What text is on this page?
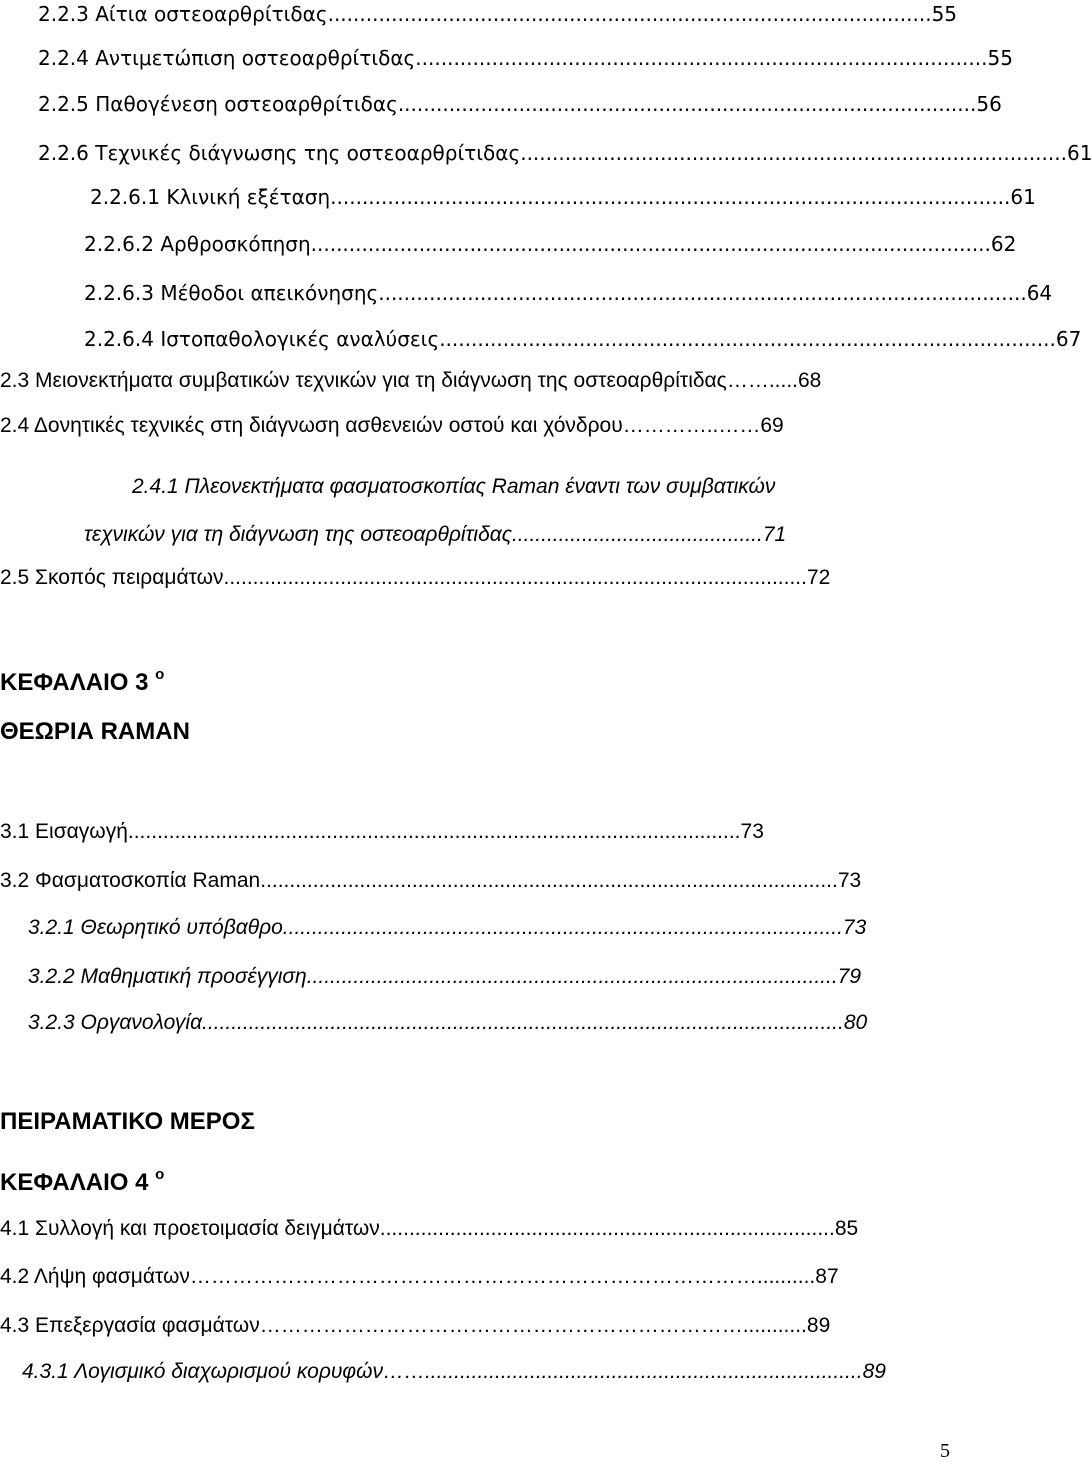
2.2.3 Αίτια οστεοαρθρίτιδας...............................................................................................55
2.2.4 Αντιμετώπιση οστεοαρθρίτιδας..........................................................................................55
2.2.5 Παθογένεση οστεοαρθρίτιδας...........................................................................................56
2.2.6 Τεχνικές διάγνωσης της οστεοαρθρίτιδας......................................................................................61
2.2.6.1 Κλινική εξέταση...........................................................................................................61
2.2.6.2 Αρθροσκόπηση...........................................................................................................62
2.2.6.3 Μέθοδοι απεικόνησης......................................................................................................64
2.2.6.4 Ιστοπαθολογικές αναλύσεις.................................................................................................67
2.3 Μειονεκτήματα συμβατικών τεχνικών για τη διάγνωση της οστεοαρθρίτιδας…….....68
2.4 Δονητικές τεχνικές στη διάγνωση ασθενειών οστού και χόνδρου…………..……69
2.4.1 Πλεονεκτήματα φασματοσκοπίας Raman έναντι των συμβατικών
τεχνικών για τη διάγνωση της οστεοαρθρίτιδας...........................................71
2.5 Σκοπός πειραμάτων....................................................................................................72
ΚΕΦΑΛΑΙΟ 3 $^o$
ΘΕΩΡΙΑ RAMAN
3.1 Εισαγωγή.........................................................................................................73
3.2 Φασματοσκοπία Raman...................................................................................................73
3.2.1 Θεωρητικό υπόβαθρο................................................................................................73
3.2.2 Μαθηματική προσέγγιση...........................................................................................79
3.2.3 Οργανολογία..............................................................................................................80
ΠΕΙΡΑΜΑΤΙΚΟ ΜΕΡΟΣ
ΚΕΦΑΛΑΙΟ 4 $^o$
4.1 Συλλογή και προετοιμασία δειγμάτων..............................................................................85
4.2 Λήψη φασμάτων………………………………………………………………………..........87
4.3 Επεξεργασία φασμάτων……………………………………………………………...........89
4.3.1 Λογισμικό διαχωρισμού κορυφών……...........................................................................89
5
